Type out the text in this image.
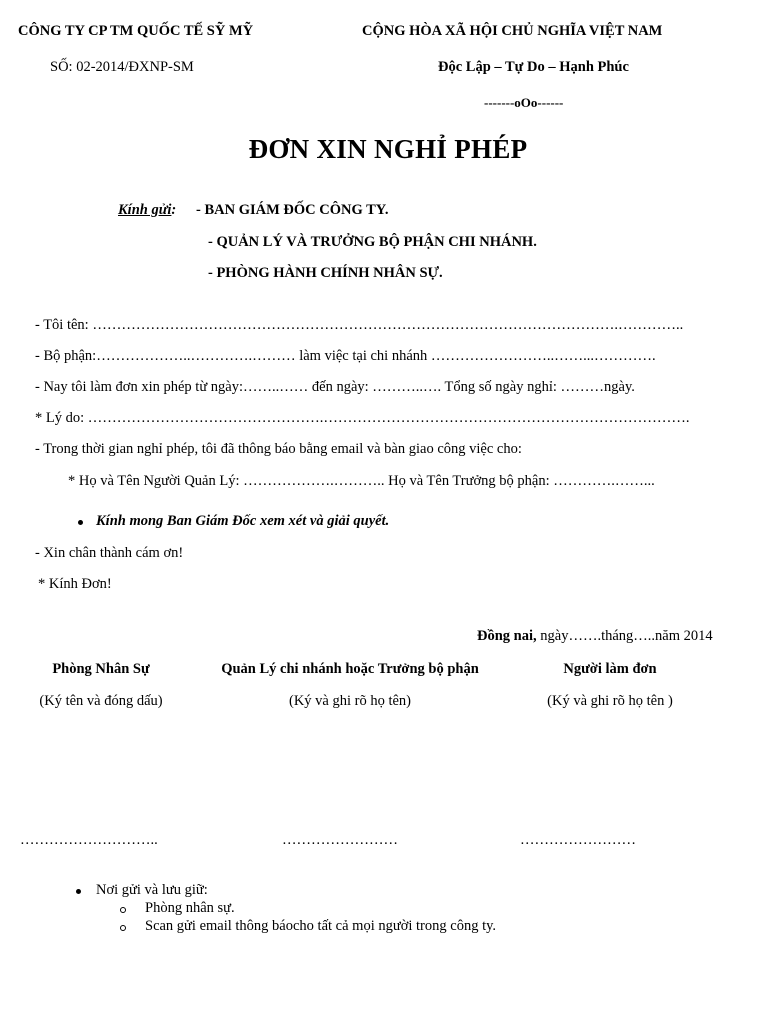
CÔNG TY CP TM QUỐC TẾ SỸ MỸ
SỐ: 02-2014/ĐXNP-SM
CỘNG HÒA XÃ HỘI CHỦ NGHĨA VIỆT NAM
Độc Lập – Tự Do – Hạnh Phúc
-------oOo------
ĐƠN XIN NGHỈ PHÉP
Kính gửi: - BAN GIÁM ĐỐC CÔNG TY.
- QUẢN LÝ VÀ TRƯỞNG BỘ PHẬN CHI NHÁNH.
- PHÒNG HÀNH CHÍNH NHÂN SỰ.
- Tôi tên: ……………………………………………………………………………………………….…………..
- Bộ phận:………………..………….……… làm việc tại chi nhánh ……………………..……...………….
- Nay tôi làm đơn xin phép từ ngày:……..…… đến ngày: ………..…. Tổng số ngày nghỉ: ………ngày.
* Lý do: ………………………………………….………………………………………………………………….
- Trong thời gian nghỉ phép, tôi đã thông báo bằng email và bàn giao công việc cho:
* Họ và Tên Người Quản Lý: ……………….……….. Họ và Tên Trưởng bộ phận: ………….……...
Kính mong Ban Giám Đốc xem xét và giải quyết.
- Xin chân thành cám ơn!
* Kính Đơn!
Đồng nai, ngày…….tháng…..năm 2014
Phòng Nhân Sự
(Ký tên và đóng dấu)
………………………..
Quản Lý chi nhánh hoặc Trưởng bộ phận
(Ký và ghi rõ họ tên)
……………………
Người làm đơn
(Ký và ghi rõ họ tên )
……………………
Nơi gửi và lưu giữ:
Phòng nhân sự.
Scan gửi email thông báocho tất cả mọi người trong công ty.
